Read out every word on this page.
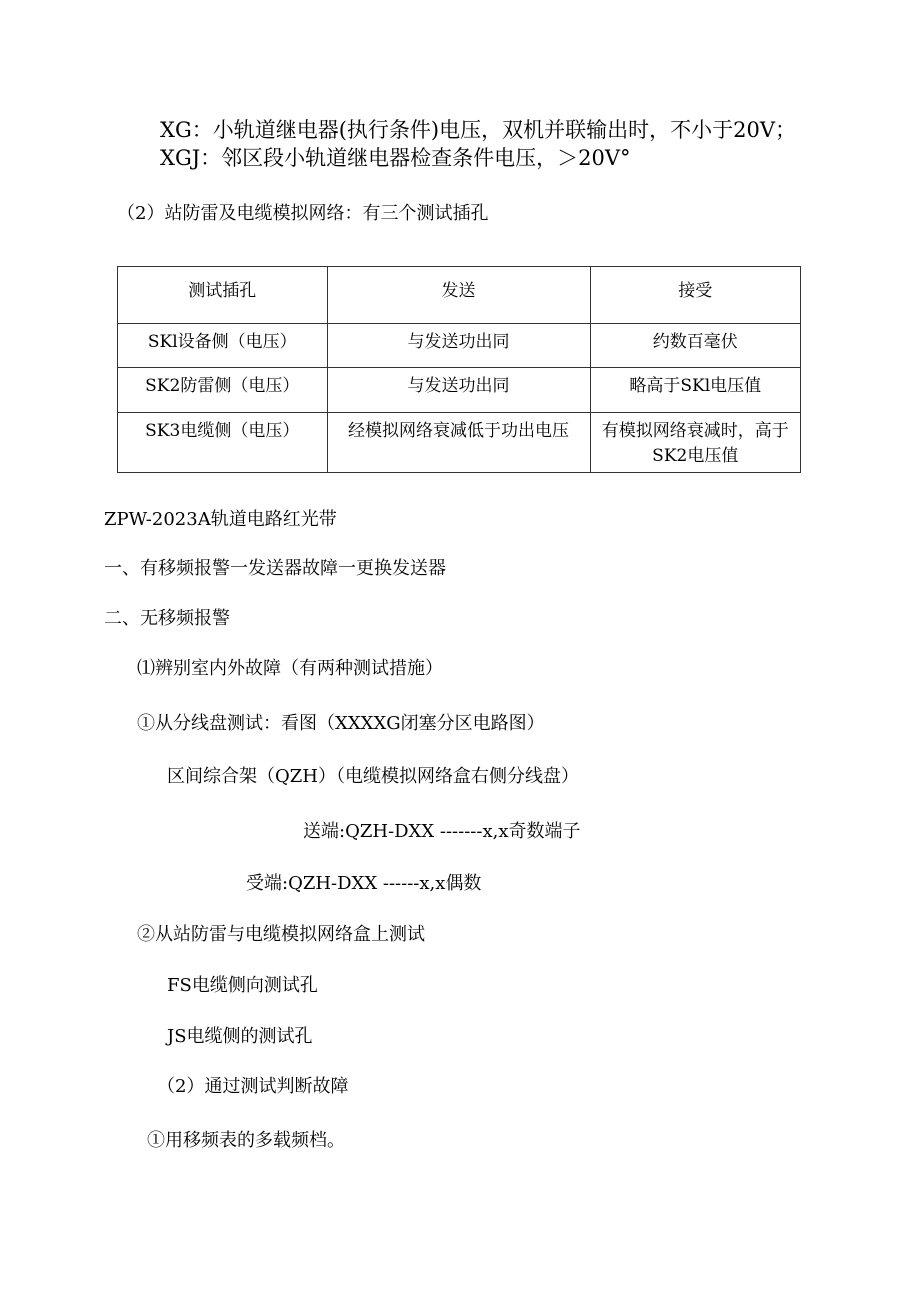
XG：小轨道继电器(执行条件)电压，双机并联输出时，不小于20V；
XGJ：邻区段小轨道继电器检查条件电压，＞20V°
（2）站防雷及电缆模拟网络：有三个测试插孔
测试插孔	发送	接受
SKl设备侧（电压）	与发送功出同	约数百毫伏
SK2防雷侧（电压）	与发送功出同	略高于SKl电压值
SK3电缆侧（电压）	经模拟网络衰减低于功出电压	有模拟网络衰减时，高于SK2电压值
ZPW-2023A轨道电路红光带
一、有移频报警一发送器故障一更换发送器
二、无移频报警
⑴辨别室内外故障（有两种测试措施）
①从分线盘测试：看图（XXXXG闭塞分区电路图）
区间综合架（QZH）（电缆模拟网络盒右侧分线盘）
送端:QZH-DXX -------x,x奇数端子
受端:QZH-DXX ------x,x偶数
②从站防雷与电缆模拟网络盒上测试
FS电缆侧向测试孔
JS电缆侧的测试孔
（2）通过测试判断故障
①用移频表的多载频档。
